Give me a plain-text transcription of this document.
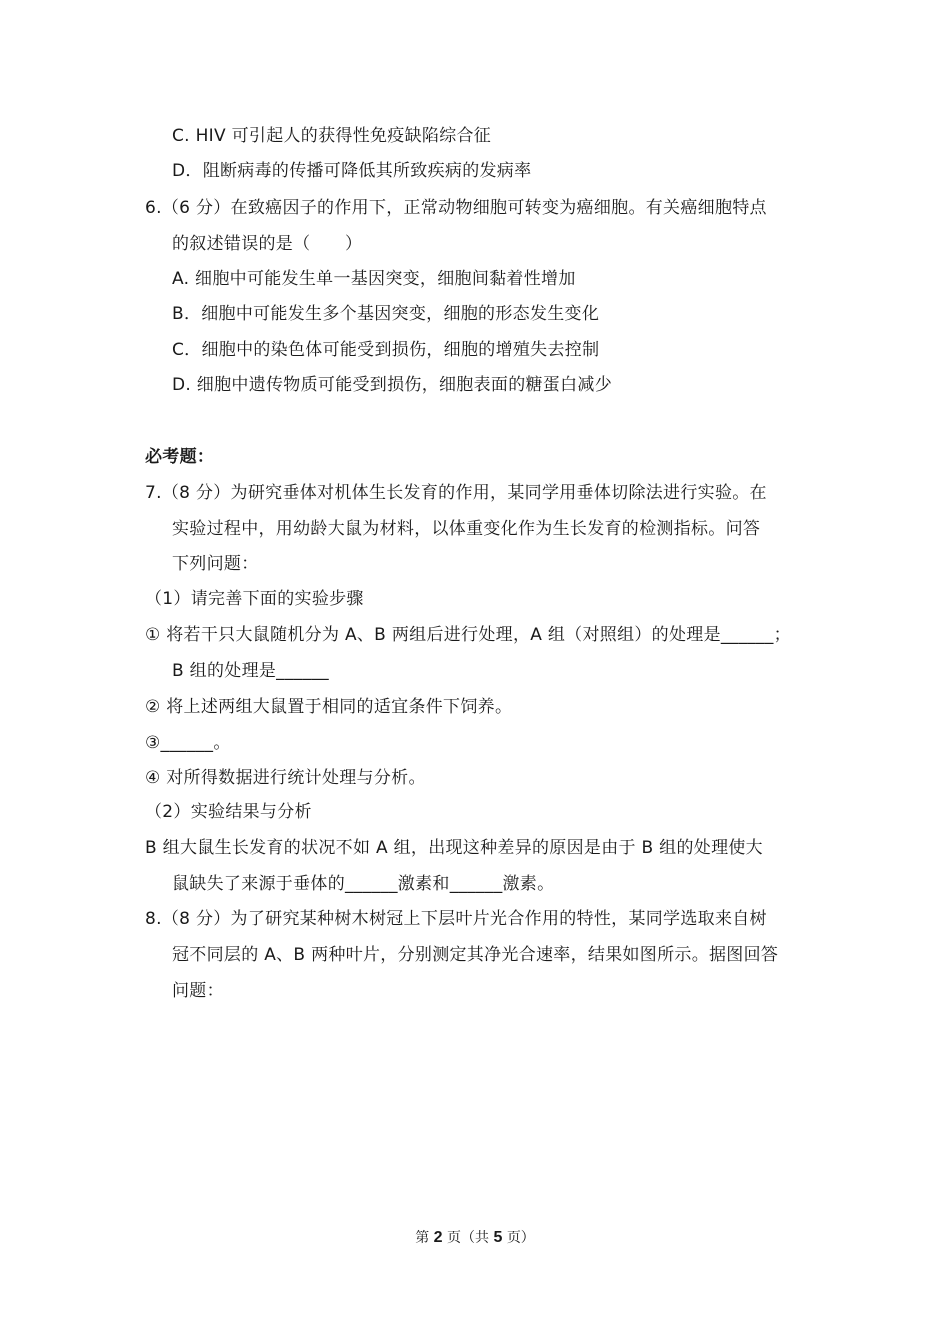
C. HIV 可引起人的获得性免疫缺陷综合征
D．阻断病毒的传播可降低其所致疾病的发病率
6.（6 分）在致癌因子的作用下，正常动物细胞可转变为癌细胞。有关癌细胞特点
的叙述错误的是（　　）
A. 细胞中可能发生单一基因突变，细胞间黏着性增加
B．细胞中可能发生多个基因突变，细胞的形态发生变化
C．细胞中的染色体可能受到损伤，细胞的增殖失去控制
D. 细胞中遗传物质可能受到损伤，细胞表面的糖蛋白减少
必考题：
7.（8 分）为研究垂体对机体生长发育的作用，某同学用垂体切除法进行实验。在
实验过程中，用幼龄大鼠为材料，以体重变化作为生长发育的检测指标。问答
下列问题：
（1）请完善下面的实验步骤
① 将若干只大鼠随机分为 A、B 两组后进行处理，A 组（对照组）的处理是______；
B 组的处理是______
② 将上述两组大鼠置于相同的适宜条件下饲养。
③______。
④ 对所得数据进行统计处理与分析。
（2）实验结果与分析
B 组大鼠生长发育的状况不如 A 组，出现这种差异的原因是由于 B 组的处理使大
鼠缺失了来源于垂体的______激素和______激素。
8.（8 分）为了研究某种树木树冠上下层叶片光合作用的特性，某同学选取来自树
冠不同层的 A、B 两种叶片，分别测定其净光合速率，结果如图所示。据图回答
问题：
第 2 页（共 5 页）
